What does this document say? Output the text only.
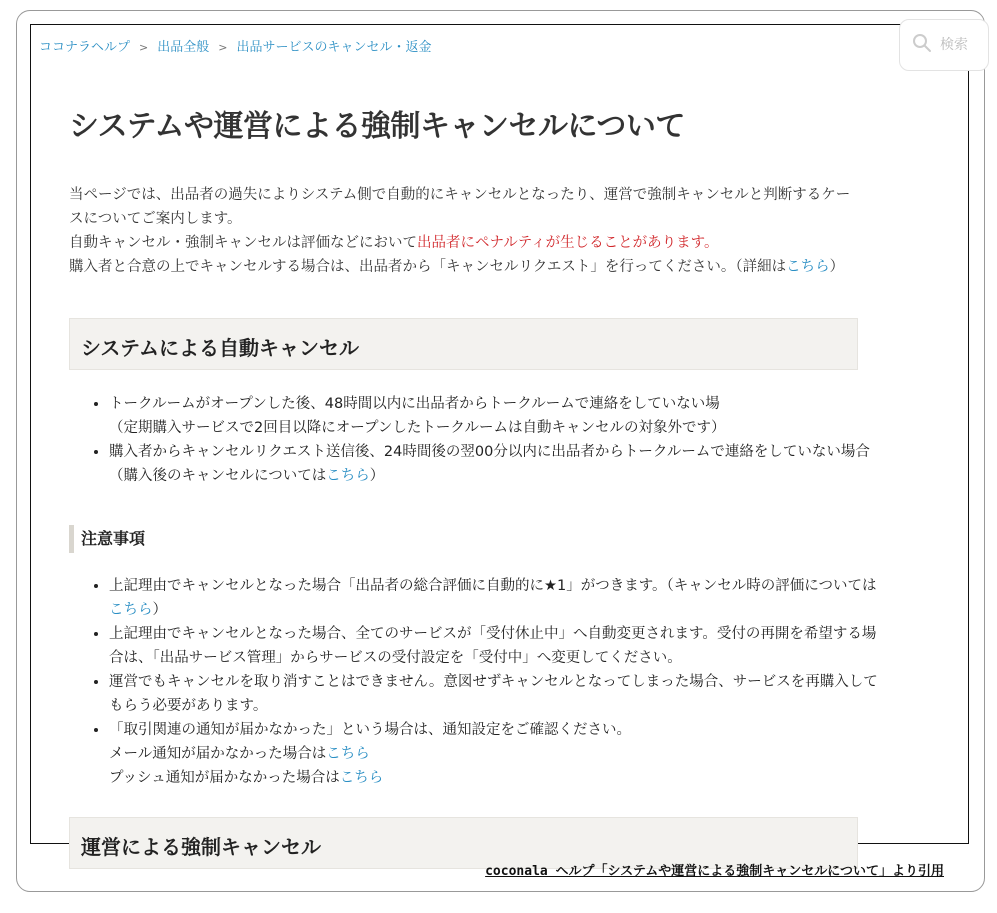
ココナラヘルプ > 出品全般 > 出品サービスのキャンセル・返金
システムや運営による強制キャンセルについて

当ページでは、出品者の過失によりシステム側で自動的にキャンセルとなったり、運営で強制キャンセルと判断するケースについてご案内します。
自動キャンセル・強制キャンセルは評価などにおいて出品者にペナルティが生じることがあります。
購入者と合意の上でキャンセルする場合は、出品者から「キャンセルリクエスト」を行ってください。（詳細はこちら）

システムによる自動キャンセル
• トークルームがオープンした後、48時間以内に出品者からトークルームで連絡をしていない場
（定期購入サービスで2回目以降にオープンしたトークルームは自動キャンセルの対象外です）
• 購入者からキャンセルリクエスト送信後、24時間後の翌00分以内に出品者からトークルームで連絡をしていない場合（購入後のキャンセルについてはこちら）
注意事項
• 上記理由でキャンセルとなった場合「出品者の総合評価に自動的に★1」がつきます。（キャンセル時の評価についてはこちら）
• 上記理由でキャンセルとなった場合、全てのサービスが「受付休止中」へ自動変更されます。受付の再開を希望する場合は、「出品サービス管理」からサービスの受付設定を「受付中」へ変更してください。
• 運営でもキャンセルを取り消すことはできません。意図せずキャンセルとなってしまった場合、サービスを再購入してもらう必要があります。
• 「取引関連の通知が届かなかった」という場合は、通知設定をご確認ください。
メール通知が届かなかった場合はこちら
プッシュ通知が届かなかった場合はこちら
運営による強制キャンセル
検索
coconala ヘルプ「システムや運営による強制キャンセルについて」より引用
